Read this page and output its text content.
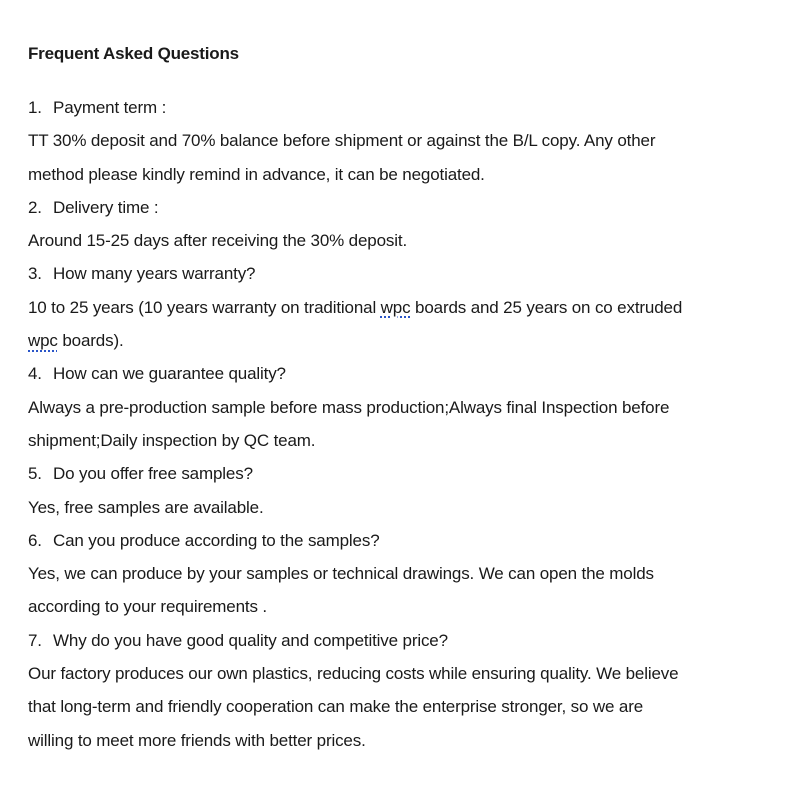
Frequent Asked Questions

1. Payment term :

TT 30% deposit and 70% balance before shipment or against the B/L copy. Any other

method please kindly remind in advance, it can be negotiated.

2. Delivery time :

Around 15-25 days after receiving the 30% deposit.

3. How many years warranty?

10 to 25 years (10 years warranty on traditional wpc boards and 25 years on co extruded

wpc boards).

4. How can we guarantee quality?

Always a pre-production sample before mass production;Always final Inspection before

shipment;Daily inspection by QC team.

5. Do you offer free samples?

Yes, free samples are available.

6. Can you produce according to the samples?

Yes, we can produce by your samples or technical drawings. We can open the molds

according to your requirements .

7. Why do you have good quality and competitive price?

Our factory produces our own plastics, reducing costs while ensuring quality. We believe

that long-term and friendly cooperation can make the enterprise stronger, so we are

willing to meet more friends with better prices.
